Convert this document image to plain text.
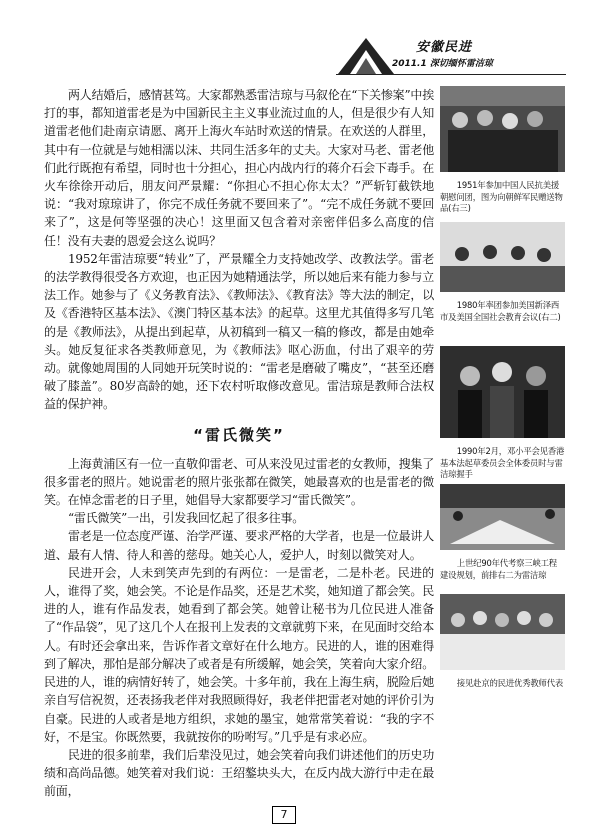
安徽民进
2011.1 深切缅怀雷洁琼

两人结婚后，感情甚笃。大家都熟悉雷洁琼与马叙伦在“下关惨案”中挨打的事，都知道雷老是为中国新民主主义事业流过血的人，但是很少有人知道雷老他们赴南京请愿、离开上海火车站时欢送的情景。在欢送的人群里，其中有一位就是与她相濡以沫、共同生活多年的丈夫。大家对马老、雷老他们此行既抱有希望，同时也十分担心，担心内战内行的蒋介石会下毒手。在火车徐徐开动后，朋友问严景耀：“你担心不担心你太太？”严斩钉截铁地说：“我对琼琼讲了，你完不成任务就不要回来了”。“完不成任务就不要回来了”，这是何等坚强的决心！这里面又包含着对亲密伴侣多么高度的信任！没有夫妻的恩爱会这么说吗？

1952年雷洁琼要“转业”了，严景耀全力支持她改学、改教法学。雷老的法学教得很受各方欢迎，也正因为她精通法学，所以她后来有能力参与立法工作。她参与了《义务教育法》、《教师法》、《教育法》等大法的制定，以及《香港特区基本法》、《澳门特区基本法》的起草。这里尤其值得多写几笔的是《教师法》，从提出到起草，从初稿到一稿又一稿的修改，都是由她牵头。她反复征求各类教师意见，为《教师法》呕心沥血，付出了艰辛的劳动。就像她周围的人同她开玩笑时说的：“雷老是磨破了嘴皮”，“甚至还磨破了膝盖”。80岁高龄的她，还下农村听取修改意见。雷洁琼是教师合法权益的保护神。

“雷氏微笑”

上海黄浦区有一位一直敬仰雷老、可从来没见过雷老的女教师，搜集了很多雷老的照片。她说雷老的照片张张都在微笑，她最喜欢的也是雷老的微笑。在悼念雷老的日子里，她倡导大家都要学习“雷氏微笑”。

“雷氏微笑”一出，引发我回忆起了很多往事。

雷老是一位态度严谨、治学严谨、要求严格的大学者，也是一位最讲人道、最有人情、待人和善的慈母。她关心人，爱护人，时刻以微笑对人。

民进开会，人未到笑声先到的有两位：一是雷老，二是朴老。民进的人，谁得了奖，她会笑。不论是作品奖，还是艺术奖，她知道了都会笑。民进的人，谁有作品发表，她看到了都会笑。她曾让秘书为几位民进人准备了“作品袋”，见了这几个人在报刊上发表的文章就剪下来，在见面时交给本人。有时还会拿出来，告诉作者文章好在什么地方。民进的人，谁的困难得到了解决，那怕是部分解决了或者是有所缓解，她会笑，笑着向大家介绍。民进的人，谁的病情好转了，她会笑。十多年前，我在上海生病，脱险后她亲自写信祝贺，还表扬我老伴对我照顾得好，我老伴把雷老对她的评价引为自豪。民进的人或者是地方组织，求她的墨宝，她常常笑着说：“我的字不好，不是宝。你既然要，我就按你的吩咐写。”几乎是有求必应。

民进的很多前辈，我们后辈没见过，她会笑着向我们讲述他们的历史功绩和高尚品德。她笑着对我们说：王绍鏊块头大，在反内战大游行中走在最前面，

1951年参加中国人民抗美援朝慰问团，图为向朝鲜军民赠送物品(右三)
1980年率团参加美国新泽西市及美国全国社会教育会议(右二)
1990年2月，邓小平会见香港基本法起草委员会全体委员时与雷洁琼握手
上世纪90年代考察三峡工程建设规划，前排右二为雷洁琼
接见赴京的民进优秀教师代表
7
